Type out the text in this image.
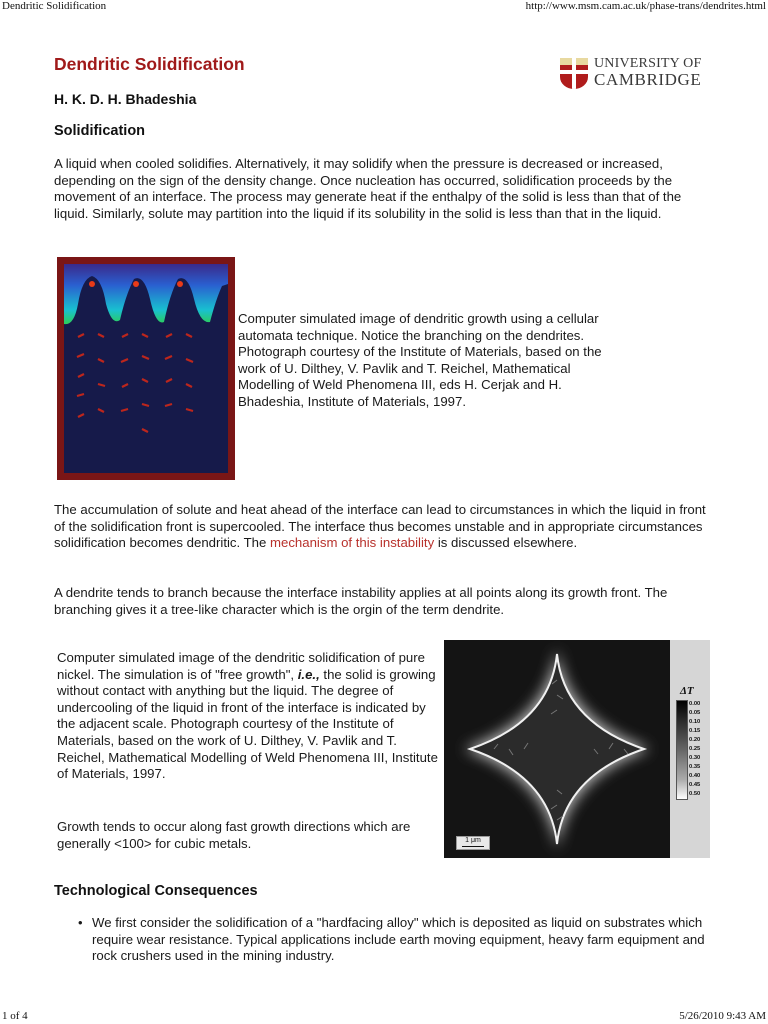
Dendritic Solidification	http://www.msm.cam.ac.uk/phase-trans/dendrites.html
Dendritic Solidification	UNIVERSITY OF
CAMBRIDGE

H. K. D. H. Bhadeshia

Solidification

A liquid when cooled solidifies. Alternatively, it may solidify when the pressure is decreased or increased, depending on the sign of the density change. Once nucleation has occurred, solidification proceeds by the movement of an interface. The process may generate heat if the enthalpy of the solid is less than that of the liquid. Similarly, solute may partition into the liquid if its solubility in the solid is less than that in the liquid.

Computer simulated image of dendritic growth using a cellular automata technique. Notice the branching on the dendrites. Photograph courtesy of the Institute of Materials, based on the work of U. Dilthey, V. Pavlik and T. Reichel, Mathematical Modelling of Weld Phenomena III, eds H. Cerjak and H. Bhadeshia, Institute of Materials, 1997.

The accumulation of solute and heat ahead of the interface can lead to circumstances in which the liquid in front of the solidification front is supercooled. The interface thus becomes unstable and in appropriate circumstances solidification becomes dendritic. The mechanism of this instability is discussed elsewhere.

A dendrite tends to branch because the interface instability applies at all points along its growth front. The branching gives it a tree-like character which is the orgin of the term dendrite.

Computer simulated image of the dendritic solidification of pure nickel. The simulation is of "free growth", i.e., the solid is growing without contact with anything but the liquid. The degree of undercooling of the liquid in front of the interface is indicated by the adjacent scale. Photograph courtesy of the Institute of Materials, based on the work of U. Dilthey, V. Pavlik and T. Reichel, Mathematical Modelling of Weld Phenomena III, Institute of Materials, 1997.

Growth tends to occur along fast growth directions which are generally <100> for cubic metals.	1 μm
ΔT
0.00
0.05
0.10
0.15
0.20
0.25
0.30
0.35
0.40
0.45
0.50
Technological Consequences
• We first consider the solidification of a "hardfacing alloy" which is deposited as liquid on substrates which require wear resistance. Typical applications include earth moving equipment, heavy farm equipment and rock crushers used in the mining industry.
1 of 4	5/26/2010 9:43 AM
